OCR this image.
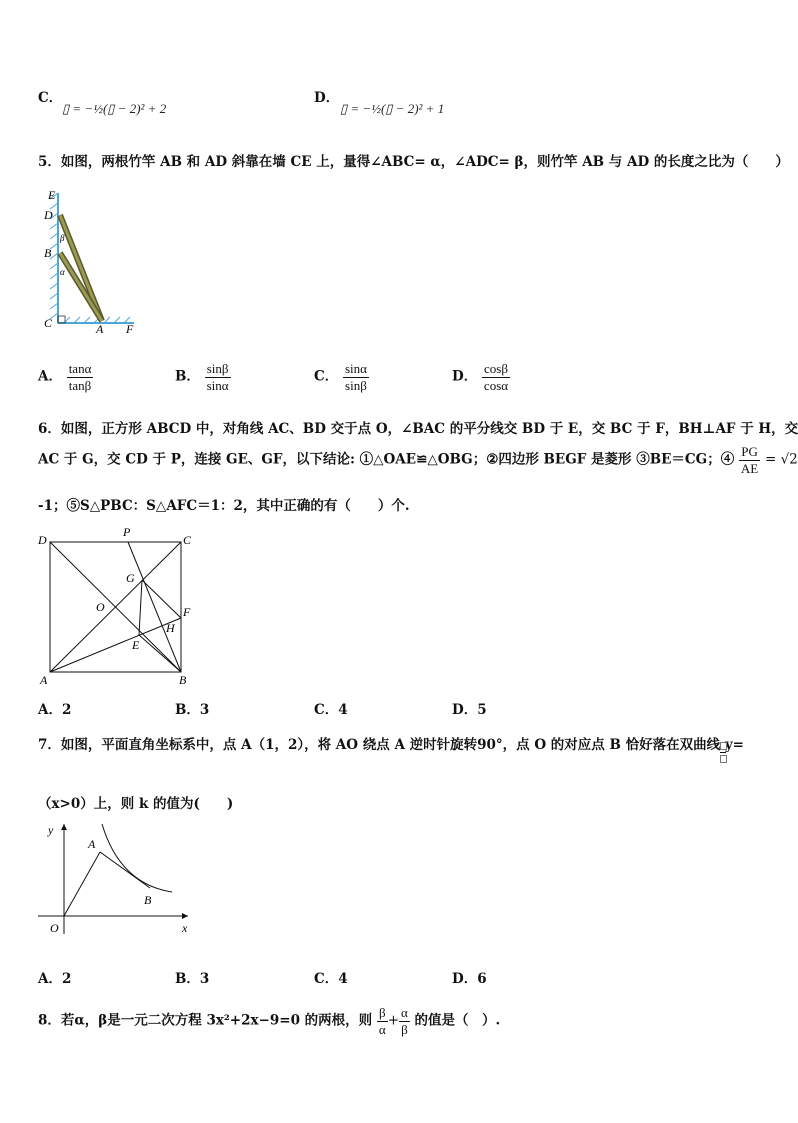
C．
▯ = −½(▯ − 2)² + 2
D．
▯ = −½(▯ − 2)² + 1
5．如图，两根竹竿 AB 和 AD 斜靠在墙 CE 上，量得∠ABC= α，∠ADC= β，则竹竿 AB 与 AD 的长度之比为（　　）
E
D
B
C	A F
β
α
A． $\frac{\tan\alpha}{\tan\beta}$	B． $\frac{\sin\beta}{\sin\alpha}$	C． $\frac{\sin\alpha}{\sin\beta}$	D． $\frac{\cos\beta}{\cos\alpha}$
6．如图，正方形 ABCD 中，对角线 AC、BD 交于点 O，∠BAC 的平分线交 BD 于 E，交 BC 于 F，BH⊥AF 于 H，交
AC 于 G，交 CD 于 P，连接 GE、GF，以下结论: ①△OAE≌△OBG；②四边形 BEGF 是菱形 ③BE＝CG；④ $\frac{PG}{AE} = √2$
-1；⑤S△PBC：S△AFC＝1：2，其中正确的有（　　）个.
D
P
C
G
O	F
H
E
A	B
A．2	B．3	C．4	D．5
7．如图，平面直角坐标系中，点 A（1，2），将 AO 绕点 A 逆时针旋转90°，点 O 的对应点 B 恰好落在双曲线 y=
（x>0）上，则 k 的值为(　　)
y
A
B
O	x
A．2	B．3	C．4	D．6
8．若α，β是一元二次方程 3x²+2x−9=0 的两根，则 $\frac{\beta}{\alpha} + \frac{\alpha}{\beta}$ 的值是（　）.
